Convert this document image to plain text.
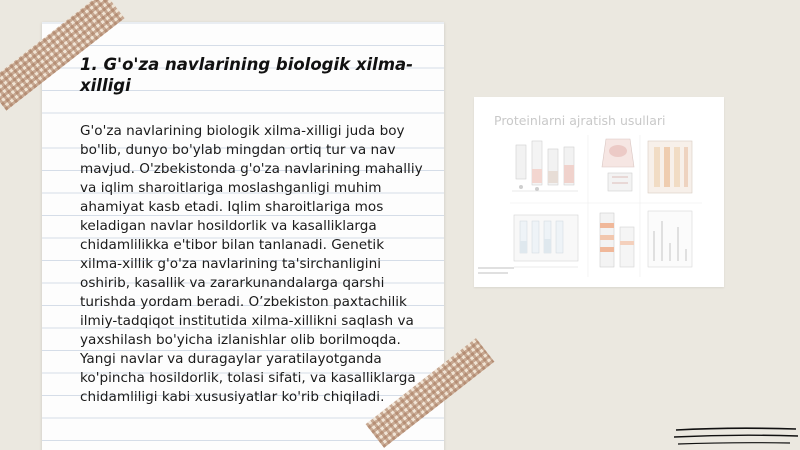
1. G'o'za navlarining biologik xilma-xilligi

G'o'za navlarining biologik xilma-xilligi juda boy bo'lib, dunyo bo'ylab mingdan ortiq tur va nav mavjud. O'zbekistonda g'o'za navlarining mahalliy va iqlim sharoitlariga moslashganligi muhim ahamiyat kasb etadi. Iqlim sharoitlariga mos keladigan navlar hosildorlik va kasalliklarga chidamlilikka e'tibor bilan tanlanadi. Genetik xilma-xillik g'o'za navlarining ta'sirchanligini oshirib, kasallik va zararkunandalarga qarshi turishda yordam beradi. O’zbekiston paxtachilik ilmiy-tadqiqot institutida xilma-xillikni saqlash va yaxshilash bo'yicha izlanishlar olib borilmoqda. Yangi navlar va duragaylar yaratilayotganda ko'pincha hosildorlik, tolasi sifati, va kasalliklarga chidamliligi kabi xususiyatlar ko'rib chiqiladi.

Proteinlarni ajratish usullari
